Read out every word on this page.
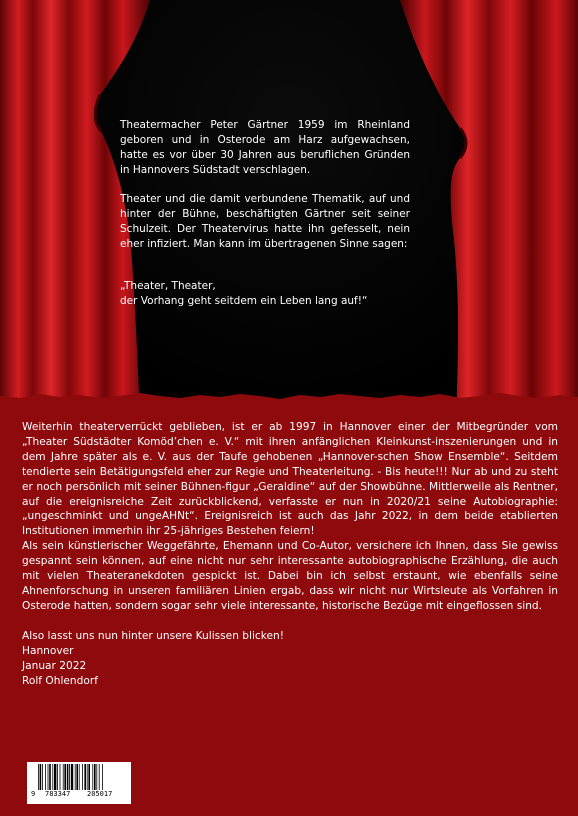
Theatermacher Peter Gärtner 1959 im Rheinland geboren und in Osterode am Harz aufgewachsen, hatte es vor über 30 Jahren aus beruflichen Gründen in Hannovers Südstadt verschlagen.

Theater und die damit verbundene Thematik, auf und hinter der Bühne, beschäftigten Gärtner seit seiner Schulzeit. Der Theatervirus hatte ihn gefesselt, nein eher infiziert. Man kann im übertragenen Sinne sagen:

„Theater, Theater,
der Vorhang geht seitdem ein Leben lang auf!“

Weiterhin theaterverrückt geblieben, ist er ab 1997 in Hannover einer der Mitbegründer vom „Theater Südstädter Komöd’chen e. V.“ mit ihren anfänglichen Kleinkunst-inszenierungen und in dem Jahre später als e. V. aus der Taufe gehobenen „Hannover-schen Show Ensemble“. Seitdem tendierte sein Betätigungsfeld eher zur Regie und Theaterleitung. - Bis heute!!! Nur ab und zu steht er noch persönlich mit seiner Bühnen-figur „Geraldine“ auf der Showbühne. Mittlerweile als Rentner, auf die ereignisreiche Zeit zurückblickend, verfasste er nun in 2020/21 seine Autobiographie: „ungeschminkt und ungeAHNt“. Ereignisreich ist auch das Jahr 2022, in dem beide etablierten Institutionen immerhin ihr 25-jähriges Bestehen feiern!

Als sein künstlerischer Weggefährte, Ehemann und Co-Autor, versichere ich Ihnen, dass Sie gewiss gespannt sein können, auf eine nicht nur sehr interessante autobiographische Erzählung, die auch mit vielen Theateranekdoten gespickt ist. Dabei bin ich selbst erstaunt, wie ebenfalls seine Ahnenforschung in unseren familiären Linien ergab, dass wir nicht nur Wirtsleute als Vorfahren in Osterode hatten, sondern sogar sehr viele interessante, historische Bezüge mit eingeflossen sind.

Also lasst uns nun hinter unsere Kulissen blicken!
Hannover
Januar 2022
Rolf Ohlendorf
9 783347 205017
